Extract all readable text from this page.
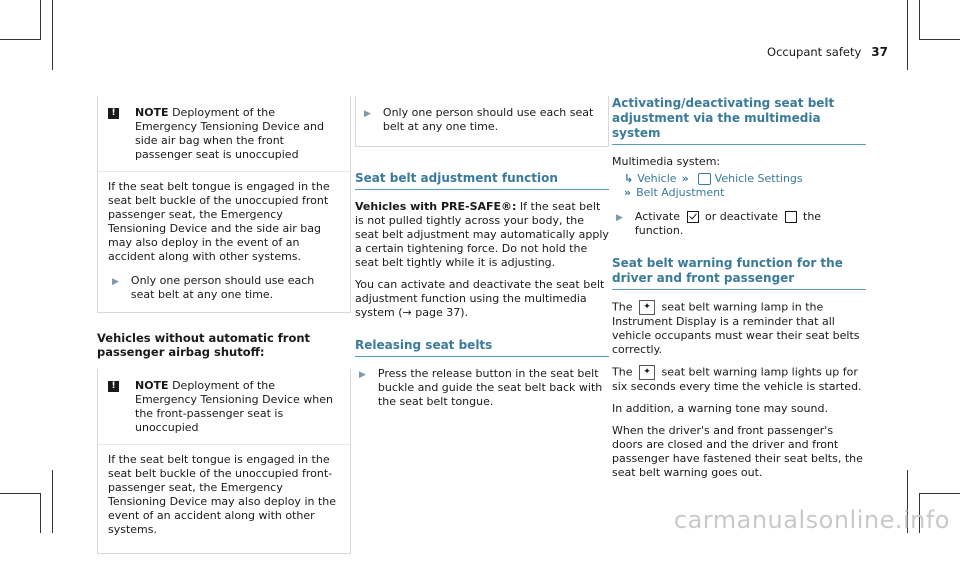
Occupant safety 37
!	NOTE Deployment of the Emergency Tensioning Device and side air bag when the front passenger seat is unoccupied

If the seat belt tongue is engaged in the seat belt buckle of the unoccupied front passenger seat, the Emergency Tensioning Device and the side air bag may also deploy in the event of an accident along with other systems.

▶ Only one person should use each seat belt at any one time.
Vehicles without automatic front passenger airbag shutoff:
!	NOTE Deployment of the Emergency Tensioning Device when the front-passenger seat is unoccupied

If the seat belt tongue is engaged in the seat belt buckle of the unoccupied front-passenger seat, the Emergency Tensioning Device may also deploy in the event of an accident along with other systems.

▶ Only one person should use each seat belt at any one time.
Seat belt adjustment function

Vehicles with PRE-SAFE®: If the seat belt is not pulled tightly across your body, the seat belt adjustment may automatically apply a certain tightening force. Do not hold the seat belt tightly while it is adjusting.

You can activate and deactivate the seat belt adjustment function using the multimedia system (→ page 37).

Releasing seat belts
▶ Press the release button in the seat belt buckle and guide the seat belt back with the seat belt tongue.
Activating/deactivating seat belt adjustment via the multimedia system

Multimedia system:

↳ Vehicle » Vehicle Settings
» Belt Adjustment
▶ Activate or deactivate the function.
Seat belt warning function for the driver and front passenger

The ✦ seat belt warning lamp in the Instrument Display is a reminder that all vehicle occupants must wear their seat belts correctly.

The ✦ seat belt warning lamp lights up for six seconds every time the vehicle is started.

In addition, a warning tone may sound.

When the driver's and front passenger's doors are closed and the driver and front passenger have fastened their seat belts, the seat belt warning goes out.

carmanualsonline.info
